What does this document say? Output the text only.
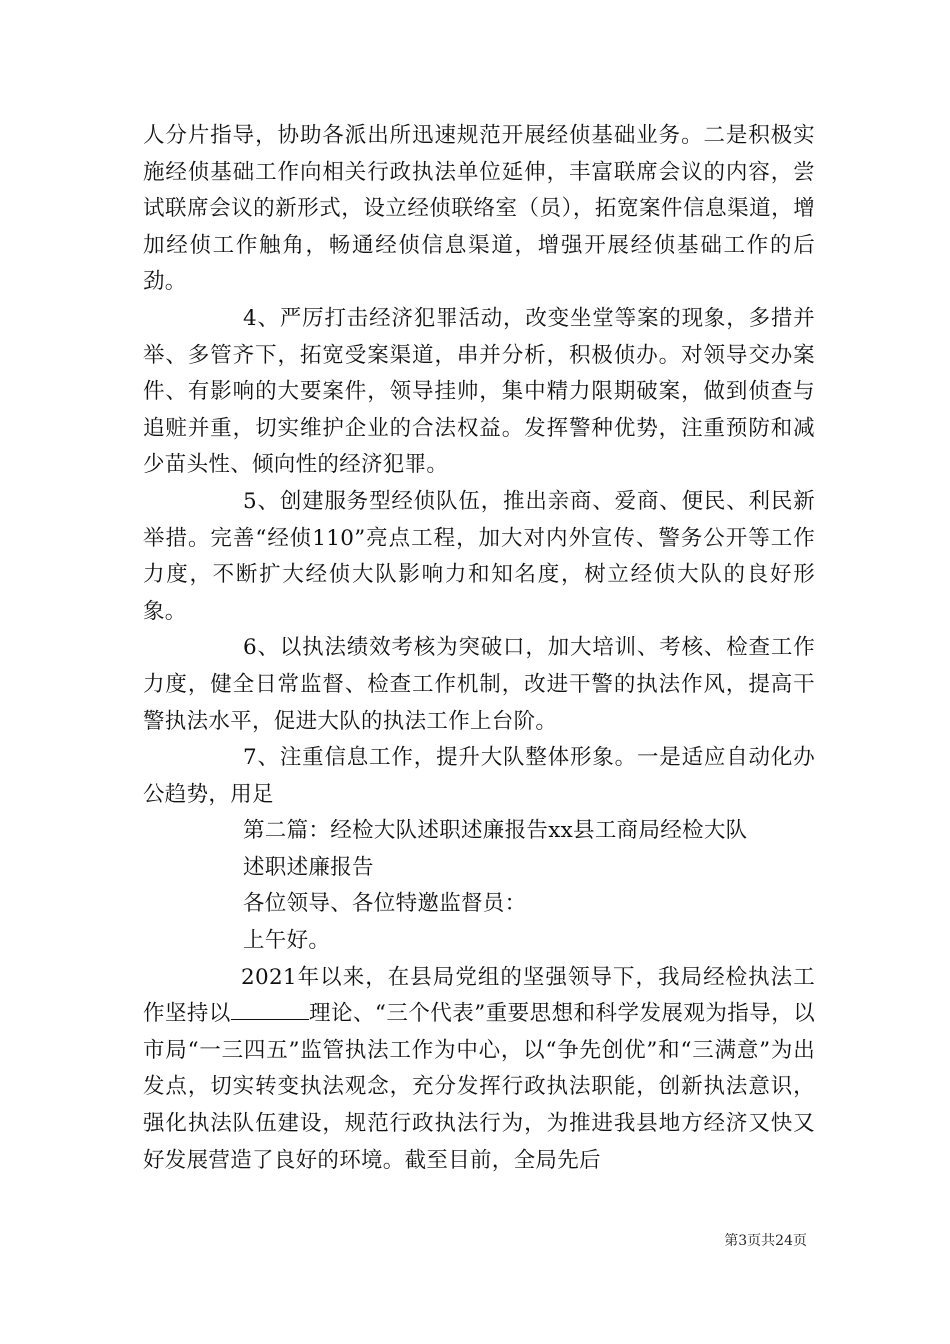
人分片指导，协助各派出所迅速规范开展经侦基础业务。二是积极实施经侦基础工作向相关行政执法单位延伸，丰富联席会议的内容，尝试联席会议的新形式，设立经侦联络室（员），拓宽案件信息渠道，增加经侦工作触角，畅通经侦信息渠道，增强开展经侦基础工作的后劲。

4、严厉打击经济犯罪活动，改变坐堂等案的现象，多措并举、多管齐下，拓宽受案渠道，串并分析，积极侦办。对领导交办案件、有影响的大要案件，领导挂帅，集中精力限期破案，做到侦查与追赃并重，切实维护企业的合法权益。发挥警种优势，注重预防和减少苗头性、倾向性的经济犯罪。

5、创建服务型经侦队伍，推出亲商、爱商、便民、利民新举措。完善“经侦110”亮点工程，加大对内外宣传、警务公开等工作力度，不断扩大经侦大队影响力和知名度，树立经侦大队的良好形象。

6、以执法绩效考核为突破口，加大培训、考核、检查工作力度，健全日常监督、检查工作机制，改进干警的执法作风，提高干警执法水平，促进大队的执法工作上台阶。

7、注重信息工作，提升大队整体形象。一是适应自动化办公趋势，用足

第二篇：经检大队述职述廉报告xx县工商局经检大队

述职述廉报告

各位领导、各位特邀监督员：

上午好。

2021年以来，在县局党组的坚强领导下，我局经检执法工作坚持以	理论、“三个代表”重要思想和科学发展观为指导，以市局“一三四五”监管执法工作为中心，以“争先创优”和“三满意”为出发点，切实转变执法观念，充分发挥行政执法职能，创新执法意识，强化执法队伍建设，规范行政执法行为，为推进我县地方经济又快又好发展营造了良好的环境。截至目前，全局先后

第3页共24页
